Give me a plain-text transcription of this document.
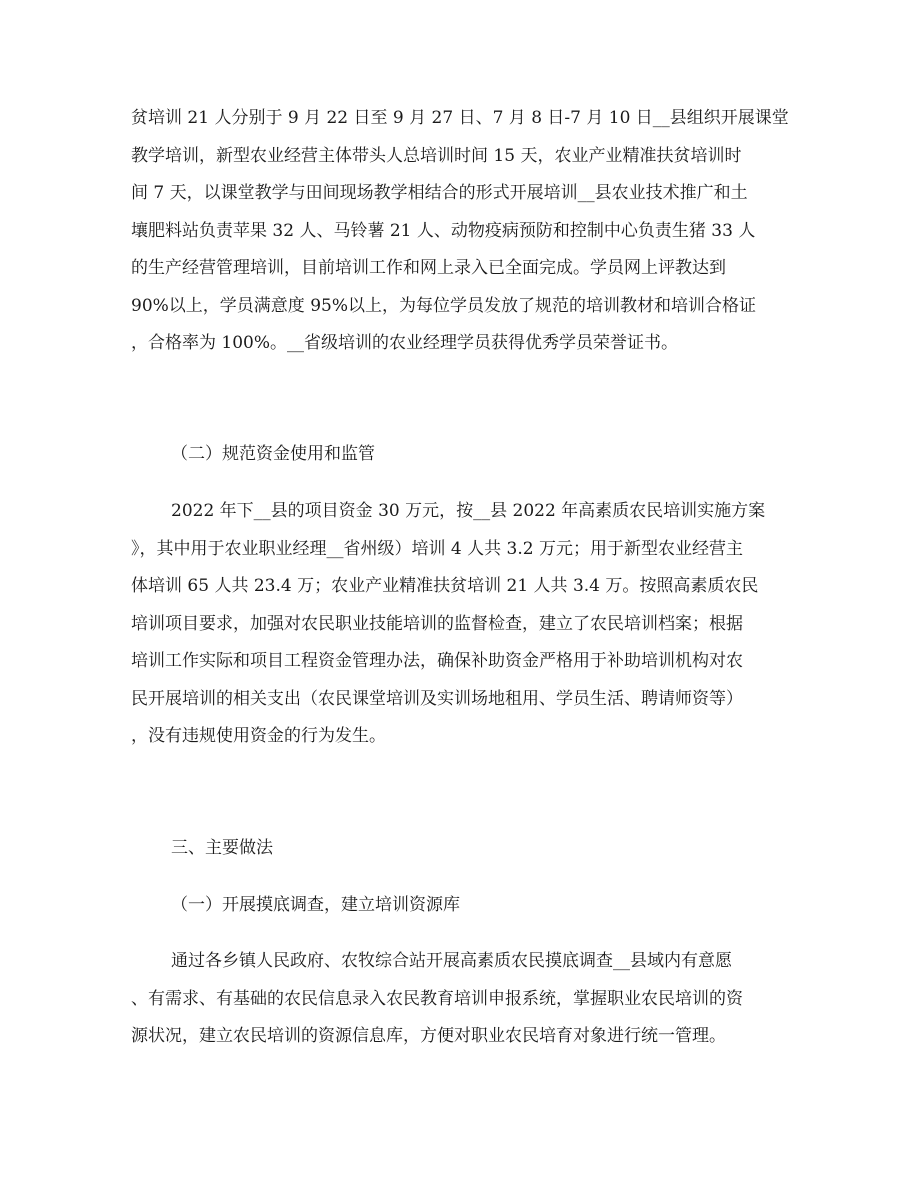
贫培训 21 人分别于 9 月 22 日至 9 月 27 日、7 月 8 日-7 月 10 日__县组织开展课堂
教学培训，新型农业经营主体带头人总培训时间 15 天，农业产业精准扶贫培训时
间 7 天，以课堂教学与田间现场教学相结合的形式开展培训__县农业技术推广和土
壤肥料站负责苹果 32 人、马铃薯 21 人、动物疫病预防和控制中心负责生猪 33 人
的生产经营管理培训，目前培训工作和网上录入已全面完成。学员网上评教达到
90%以上，学员满意度 95%以上，为每位学员发放了规范的培训教材和培训合格证
，合格率为 100%。__省级培训的农业经理学员获得优秀学员荣誉证书。
（二）规范资金使用和监管
2022 年下__县的项目资金 30 万元，按__县 2022 年高素质农民培训实施方案
》，其中用于农业职业经理__省州级）培训 4 人共 3.2 万元；用于新型农业经营主
体培训 65 人共 23.4 万；农业产业精准扶贫培训 21 人共 3.4 万。按照高素质农民
培训项目要求，加强对农民职业技能培训的监督检查，建立了农民培训档案；根据
培训工作实际和项目工程资金管理办法，确保补助资金严格用于补助培训机构对农
民开展培训的相关支出（农民课堂培训及实训场地租用、学员生活、聘请师资等）
，没有违规使用资金的行为发生。
三、主要做法
（一）开展摸底调查，建立培训资源库
通过各乡镇人民政府、农牧综合站开展高素质农民摸底调查__县域内有意愿
、有需求、有基础的农民信息录入农民教育培训申报系统，掌握职业农民培训的资
源状况，建立农民培训的资源信息库，方便对职业农民培育对象进行统一管理。
